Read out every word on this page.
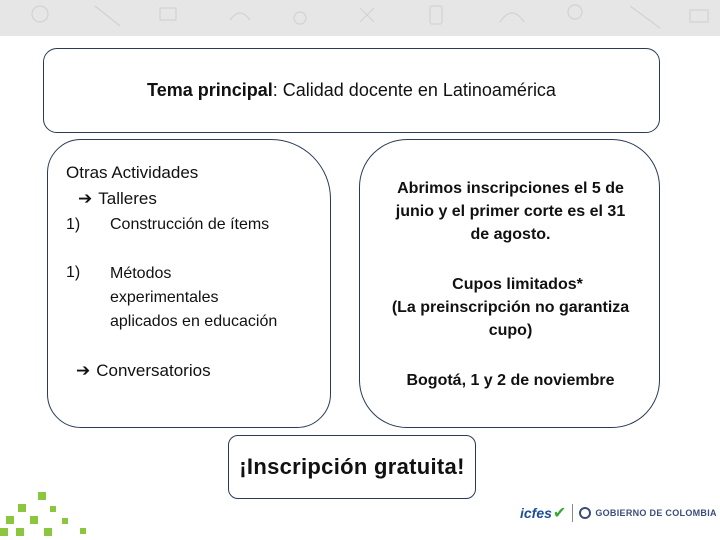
Tema principal: Calidad docente en Latinoamérica
Otras Actividades
➔ Talleres
1) Construcción de ítems
1) Métodos
experimentales
aplicados en educación
➔ Conversatorios
Abrimos inscripciones el 5 de
junio y el primer corte es el 31
de agosto.
Cupos limitados*
(La preinscripción no garantiza
cupo)
Bogotá, 1 y 2 de noviembre
¡Inscripción gratuita!
icfes ✔	GOBIERNO DE COLOMBIA
